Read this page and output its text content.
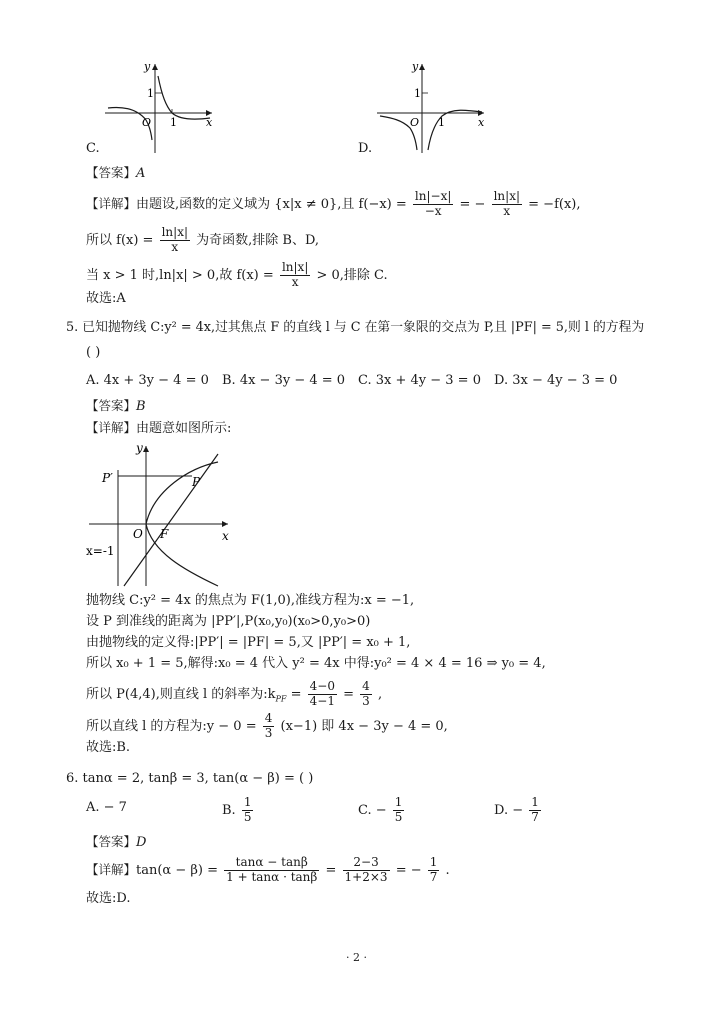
y
x
1
O 1
C.
y
x
1
O 1
D.
【答案】A
【详解】由题设,函数的定义域为 {x|x ≠ 0},且 $f(-x) = \frac{\ln|-x|}{-x}$ = − $\frac{\ln|x|}{x} = -f(x)$,
所以 $f(x) = \frac{\ln|x|}{x}$ 为奇函数,排除 B、D,
当 x > 1 时,ln|x| > 0,故 $f(x) = \frac{\ln|x|}{x} > 0$,排除 C.
故选:A
5. 已知抛物线 C:y² = 4x,过其焦点 F 的直线 l 与 C 在第一象限的交点为 P,且 |PF| = 5,则 l 的方程为
( )
A. 4x + 3y − 4 = 0 B. 4x − 3y − 4 = 0 C. 3x + 4y − 3 = 0 D. 3x − 4y − 3 = 0
【答案】B
【详解】由题意如图所示:
y
x
P′	P
O F
x=-1
抛物线 C:y² = 4x 的焦点为 F(1,0),准线方程为:x = −1,
设 P 到准线的距离为 |PP′|,P(x₀,y₀)(x₀>0,y₀>0)
由抛物线的定义得:|PP′| = |PF| = 5,又 |PP′| = x₀ + 1,
所以 x₀ + 1 = 5,解得:x₀ = 4 代入 y² = 4x 中得:y₀² = 4 × 4 = 16 ⇒ y₀ = 4,
所以 P(4,4),则直线 l 的斜率为$:k_{PF} = \frac{4-0}{4-1} = \frac{4}{3}$ ,
所以直线 l 的方程为:y − $0 = \frac{4}{3} (x-1)$ 即 4x − 3y − 4 = 0,
故选:B.
6. tanα = 2, tanβ = 3, tan(α − β) = ( )
A. − 7	B. $\frac{1}{5}$	C. − $\frac{1}{5}$	D. − $\frac{1}{7}$
【答案】D
【详解】$\tan(\alpha - \beta) = \frac{\tan\alpha - \tan\beta}{1 + \tan\alpha \cdot \tan\beta} = \frac{2-3}{1+2\times 3}$ = − $\frac{1}{7}$ .
故选:D.
· 2 ·
